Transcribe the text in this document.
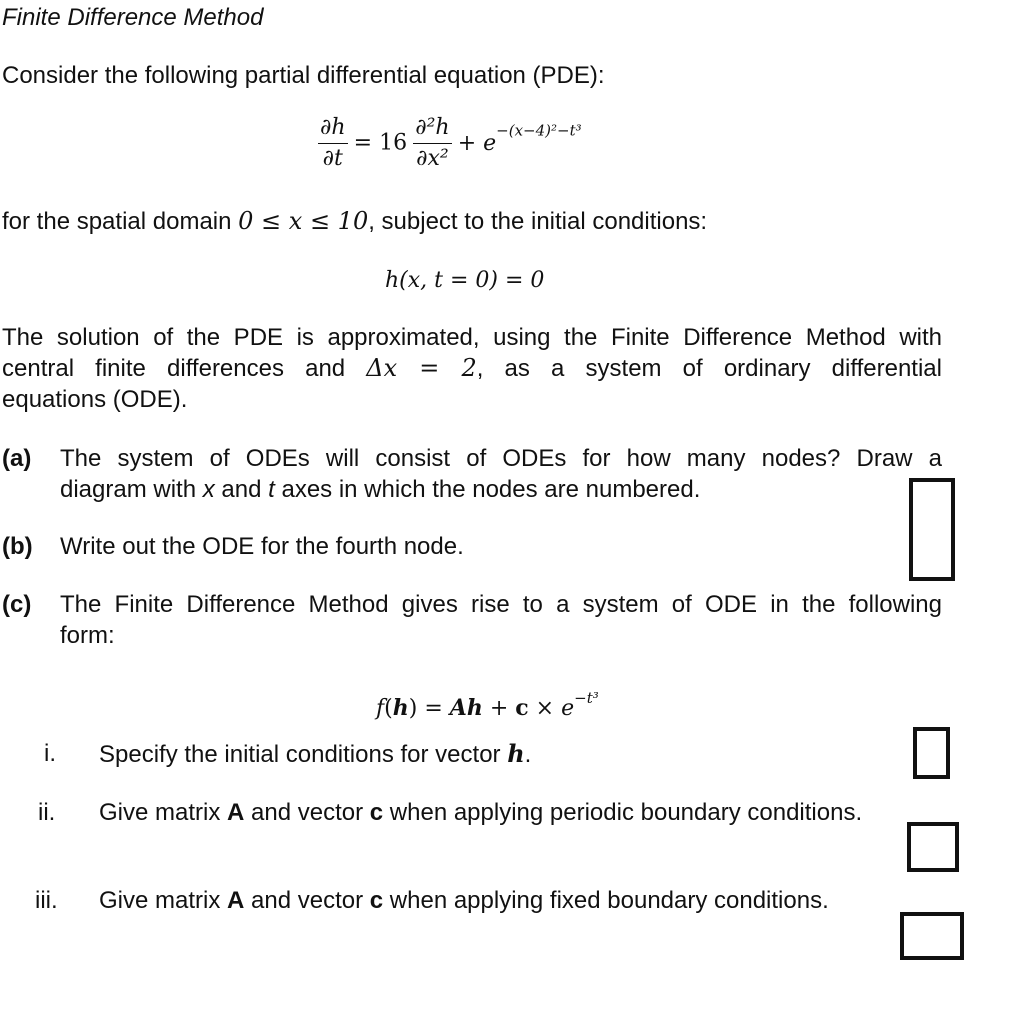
Finite Difference Method
Consider the following partial differential equation (PDE):
$\frac{\partial h}{\partial t} = 16 \frac{\text{∂²h}}{\text{∂x²}} + e^{-(x-4)^2-t^3}$
for the spatial domain 0 ≤ x ≤ 10, subject to the initial conditions:
h(x, t = 0) = 0
The solution of the PDE is approximated, using the Finite Difference Method with
central finite differences and Δx = 2, as a system of ordinary differential
equations (ODE).
(a) The system of ODEs will consist of ODEs for how many nodes? Draw a
diagram with x and t axes in which the nodes are numbered.
(b) Write out the ODE for the fourth node.
(c) The Finite Difference Method gives rise to a system of ODE in the following
form:
$f(h) = Ah + c \times e^{-t^3}$
i. Specify the initial conditions for vector h.
ii. Give matrix A and vector c when applying periodic boundary conditions.
iii. Give matrix A and vector c when applying fixed boundary conditions.
